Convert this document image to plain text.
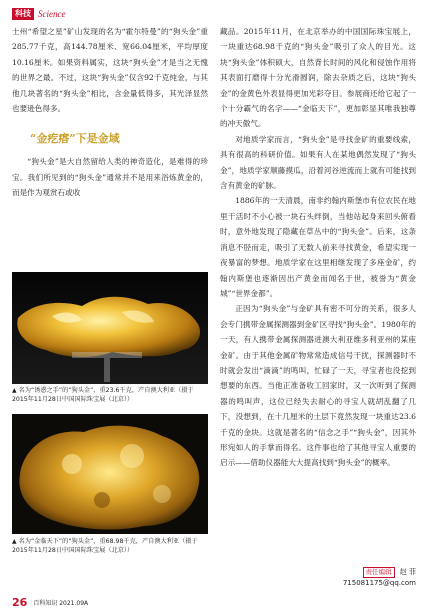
科技 Science

士州“希望之星”矿山发现的名为“霍尔特曼”的“狗头金”重285.77千克，高144.78厘米、宽66.04厘米，平均厚度10.16厘米。如果资料属实，这块“狗头金”才是当之无愧的世界之最。不过，这块“狗头金”仅含92千克纯金，与其他几块著名的“狗头金”相比，含金量低得多，其光泽显然也要逊色得多。

“金疙瘩”下是金域

“狗头金”是大自然留给人类的神奇造化，是难得的珍宝。我们所见到的“狗头金”通常并不是用来浴炼黄金的，而是作为观赏石或收

▲ 名为“诱惑之手”的“狗头金”，重23.6千克，产自澳大利亚（摄于2015年11月28日中国国际珠宝展（北京））
▲ 名为“金临天下”的“狗头金”，重68.98千克，产自澳大利亚（摄于2015年11月28日中国国际珠宝展（北京））

藏品。2015年11月，在北京举办的中国国际珠宝展上，一块重达68.98千克的“狗头金”吸引了众人的目光。这块“狗头金”体积硕大，自然背长时间的风化和侵蚀作用将其表面打磨得十分光滑圆润，除去杂质之后，这块“狗头金”的金黄色外表显得更加光彩夺目。参展商还给它起了一个十分霸气的名字——“金临天下”，更加彰显其唯我独尊的冲天傲气。

对地质学家而言，“狗头金”是寻找金矿的重要线索，具有很高的科研价值。如果有人在某地偶然发现了“狗头金”，地质学家顺藤摸瓜，沿着河谷逆流而上就有可能找到含有黄金的矿脉。

1886年的一天清晨，南非约翰内斯堡市有位农民在地里干活时不小心被一块石头绊倒，当他站起身来回头俯看时，意外地发现了隐藏在草丛中的“狗头金”。后来，这条消息不胫而走，吸引了无数人前来寻找黄金，希望实现一夜暴富的梦想。地质学家在这里相继发现了多座金矿，约翰内斯堡也逐渐因出产黄金而闻名于世，被誉为“黄金城”“世界金都”。

正因为“狗头金”与金矿具有密不可分的关系，很多人会专门携带金属探测器到金矿区寻找“狗头金”。1980年的一天，有人携带金属探测器进澳大利亚维多利亚州的某座金矿。由于其他金属矿物常常造成信号干扰，探测器时不时就会发出“滴滴”的鸣叫，忙碌了一天，寻宝者也没挖到想要的东西。当他正准备收工回家时，又一次听到了探测器的鸣叫声，这位已经失去耐心的寻宝人就胡乱翻了几下，没想到，在十几厘米的土层下竟然发现一块重达23.6千克的金块。这就是著名的“信念之手”“狗头金”，因其外形宛如人的手掌而得名。这件事也给了其他寻宝人重要的启示——借助仪器能大大提高找到“狗头金”的概率。

责任编辑 赵 菲
715081175@qq.com
26 百科知识 2021.09A
